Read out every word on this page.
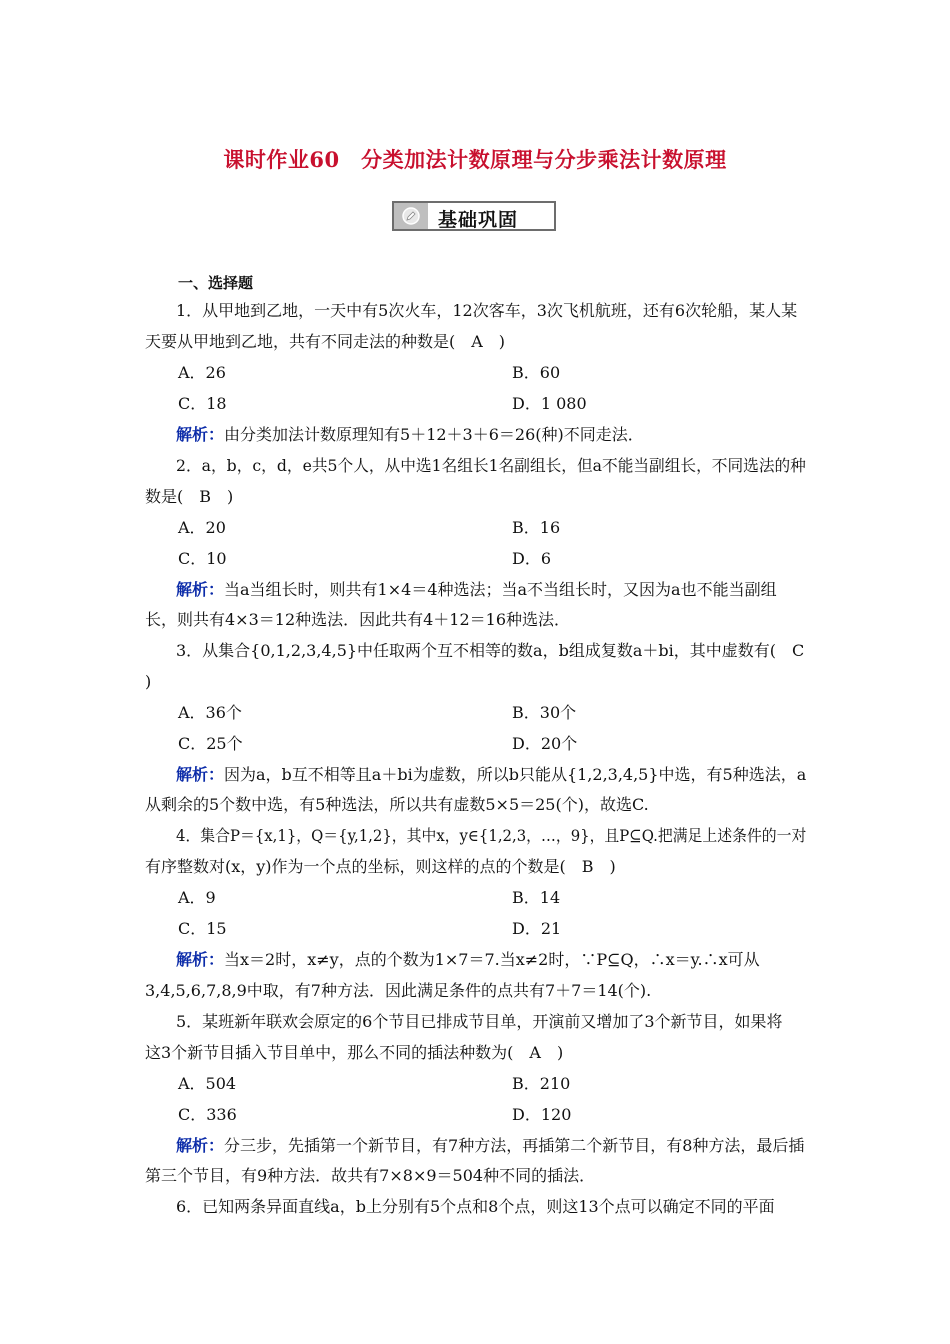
课时作业60　分类加法计数原理与分步乘法计数原理
基础巩固
一、选择题
1．从甲地到乙地，一天中有5次火车，12次客车，3次飞机航班，还有6次轮船，某人某
天要从甲地到乙地，共有不同走法的种数是(　A　)
A．26	B．60
C．18	D．1 080
解析：由分类加法计数原理知有5＋12＋3＋6＝26(种)不同走法．
2．a，b，c，d，e共5个人，从中选1名组长1名副组长，但a不能当副组长，不同选法的种
数是(　B　)
A．20	B．16
C．10	D．6
解析：当a当组长时，则共有1×4＝4种选法；当a不当组长时，又因为a也不能当副组
长，则共有4×3＝12种选法．因此共有4＋12＝16种选法．
3．从集合{0,1,2,3,4,5}中任取两个互不相等的数a，b组成复数a＋bi，其中虚数有(　C
)
A．36个	B．30个
C．25个	D．20个
解析：因为a，b互不相等且a＋bi为虚数，所以b只能从{1,2,3,4,5}中选，有5种选法，a
从剩余的5个数中选，有5种选法，所以共有虚数5×5＝25(个)，故选C.
4．集合P＝{x,1}，Q＝{y,1,2}，其中x，y∈{1,2,3，…，9}，且P⊆Q.把满足上述条件的一对
有序整数对(x，y)作为一个点的坐标，则这样的点的个数是(　B　)
A．9	B．14
C．15	D．21
解析：当x＝2时，x≠y，点的个数为1×7＝7.当x≠2时，∵P⊆Q，∴x＝y.∴x可从
3,4,5,6,7,8,9中取，有7种方法．因此满足条件的点共有7＋7＝14(个).
5．某班新年联欢会原定的6个节目已排成节目单，开演前又增加了3个新节目，如果将
这3个新节目插入节目单中，那么不同的插法种数为(　A　)
A．504	B．210
C．336	D．120
解析：分三步，先插第一个新节目，有7种方法，再插第二个新节目，有8种方法，最后插
第三个节目，有9种方法．故共有7×8×9＝504种不同的插法．
6．已知两条异面直线a，b上分别有5个点和8个点，则这13个点可以确定不同的平面
